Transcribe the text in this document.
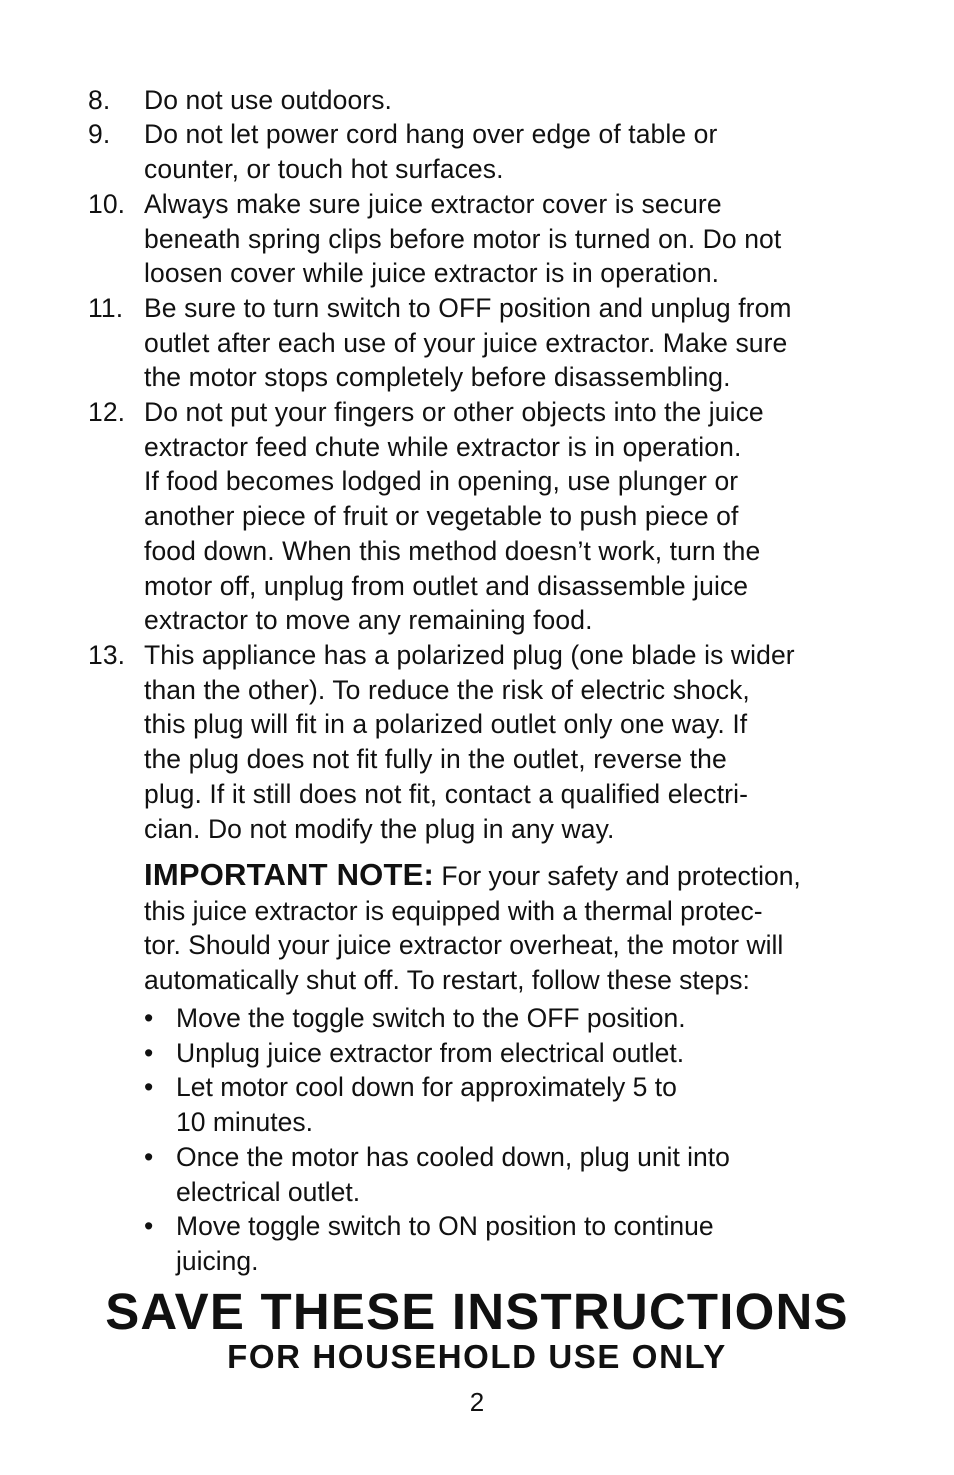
8. Do not use outdoors.
9. Do not let power cord hang over edge of table or
counter, or touch hot surfaces.
10. Always make sure juice extractor cover is secure
beneath spring clips before motor is turned on. Do not
loosen cover while juice extractor is in operation.
11. Be sure to turn switch to OFF position and unplug from
outlet after each use of your juice extractor. Make sure
the motor stops completely before disassembling.
12. Do not put your fingers or other objects into the juice
extractor feed chute while extractor is in operation.
If food becomes lodged in opening, use plunger or
another piece of fruit or vegetable to push piece of
food down. When this method doesn’t work, turn the
motor off, unplug from outlet and disassemble juice
extractor to move any remaining food.
13. This appliance has a polarized plug (one blade is wider
than the other). To reduce the risk of electric shock,
this plug will fit in a polarized outlet only one way. If
the plug does not fit fully in the outlet, reverse the
plug. If it still does not fit, contact a qualified electri-
cian. Do not modify the plug in any way.
IMPORTANT NOTE: For your safety and protection,
this juice extractor is equipped with a thermal protec-
tor. Should your juice extractor overheat, the motor will
automatically shut off. To restart, follow these steps:
• Move the toggle switch to the OFF position.
• Unplug juice extractor from electrical outlet.
• Let motor cool down for approximately 5 to
10 minutes.
• Once the motor has cooled down, plug unit into
electrical outlet.
• Move toggle switch to ON position to continue
juicing.
SAVE THESE INSTRUCTIONS
FOR HOUSEHOLD USE ONLY
2
